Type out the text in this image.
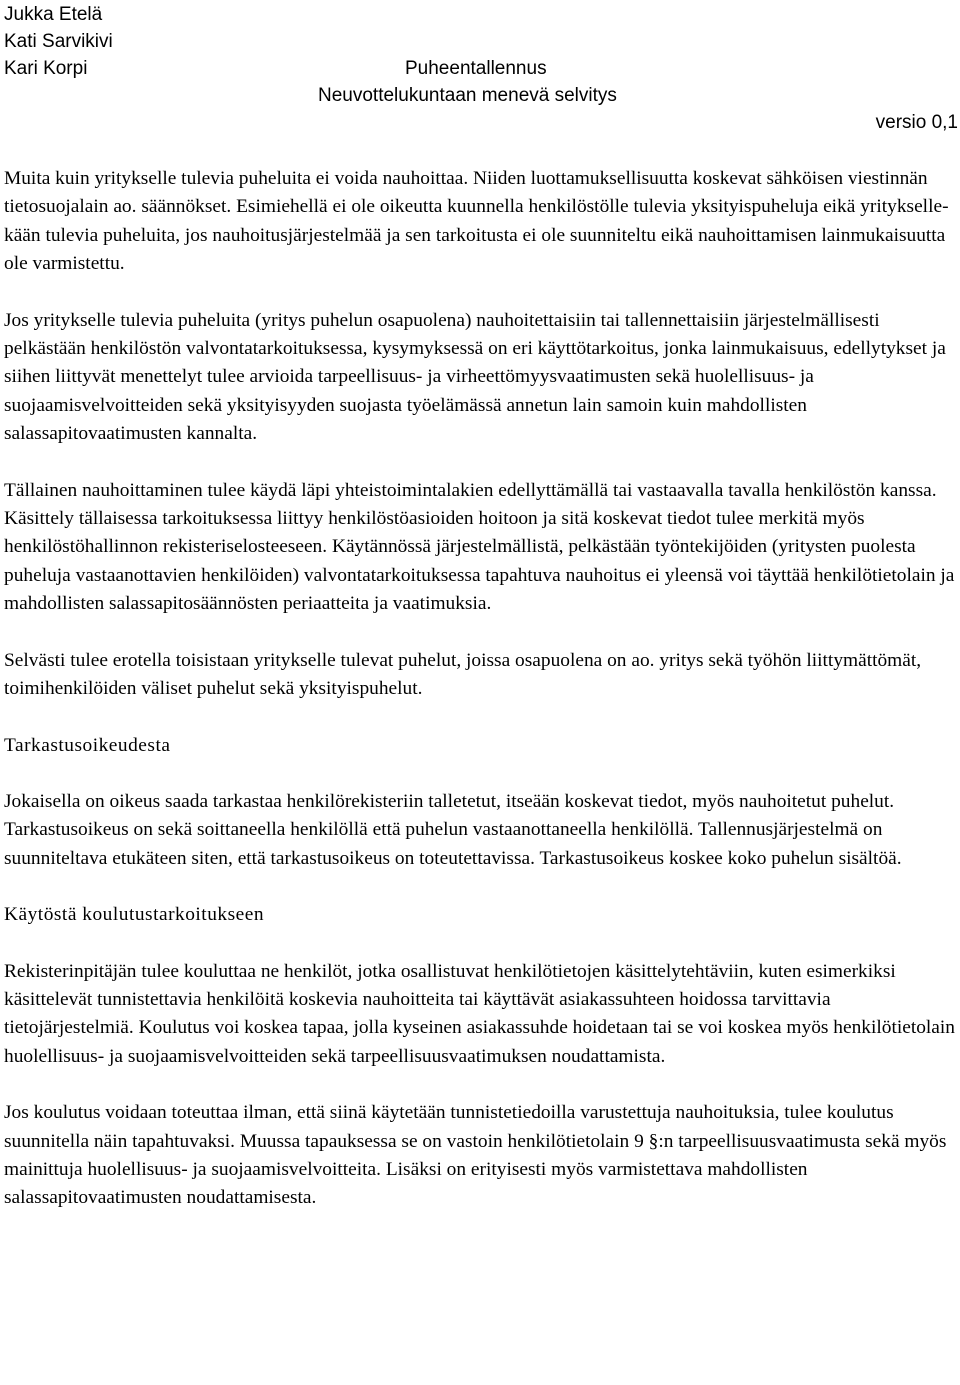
Jukka Etelä
Kati Sarvikivi
Kari Korpi	Puheentallennus
Neuvottelukuntaan menevä selvitys
versio 0,1

Muita kuin yritykselle tulevia puheluita ei voida nauhoittaa. Niiden luottamuksellisuutta koskevat sähköisen viestinnän tietosuojalain ao. säännökset. Esimiehellä ei ole oikeutta kuunnella henkilöstölle tulevia yksityispuheluja eikä yrityksellekään tulevia puheluita, jos nauhoitusjärjestelmää ja sen tarkoitusta ei ole suunniteltu eikä nauhoittamisen lainmukaisuutta ole varmistettu.

Jos yritykselle tulevia puheluita (yritys puhelun osapuolena) nauhoitettaisiin tai tallennettaisiin järjestelmällisesti pelkästään henkilöstön valvontatarkoituksessa, kysymyksessä on eri käyttötarkoitus, jonka lainmukaisuus, edellytykset ja siihen liittyvät menettelyt tulee arvioida tarpeellisuus- ja virheettömyysvaatimusten sekä huolellisuus- ja suojaamisvelvoitteiden sekä yksityisyyden suojasta työelämässä annetun lain samoin kuin mahdollisten salassapitovaatimusten kannalta.

Tällainen nauhoittaminen tulee käydä läpi yhteistoimintalakien edellyttämällä tai vastaavalla tavalla henkilöstön kanssa. Käsittely tällaisessa tarkoituksessa liittyy henkilöstöasioiden hoitoon ja sitä koskevat tiedot tulee merkitä myös henkilöstöhallinnon rekisteriselosteeseen. Käytännössä järjestelmällistä, pelkästään työntekijöiden (yritysten puolesta puheluja vastaanottavien henkilöiden) valvontatarkoituksessa tapahtuva nauhoitus ei yleensä voi täyttää henkilötietolain ja mahdollisten salassapitosäännösten periaatteita ja vaatimuksia.

Selvästi tulee erotella toisistaan yritykselle tulevat puhelut, joissa osapuolena on ao. yritys sekä työhön liittymättömät, toimihenkilöiden väliset puhelut sekä yksityispuhelut.

Tarkastusoikeudesta

Jokaisella on oikeus saada tarkastaa henkilörekisteriin talletetut, itseään koskevat tiedot, myös nauhoitetut puhelut. Tarkastusoikeus on sekä soittaneella henkilöllä että puhelun vastaanottaneella henkilöllä. Tallennusjärjestelmä on suunniteltava etukäteen siten, että tarkastusoikeus on toteutettavissa. Tarkastusoikeus koskee koko puhelun sisältöä.

Käytöstä koulutustarkoitukseen

Rekisterinpitäjän tulee kouluttaa ne henkilöt, jotka osallistuvat henkilötietojen käsittelytehtäviin, kuten esimerkiksi käsittelevät tunnistettavia henkilöitä koskevia nauhoitteita tai käyttävät asiakassuhteen hoidossa tarvittavia tietojärjestelmiä. Koulutus voi koskea tapaa, jolla kyseinen asiakassuhde hoidetaan tai se voi koskea myös henkilötietolain huolellisuus- ja suojaamisvelvoitteiden sekä tarpeellisuusvaatimuksen noudattamista.

Jos koulutus voidaan toteuttaa ilman, että siinä käytetään tunnistetiedoilla varustettuja nauhoituksia, tulee koulutus suunnitella näin tapahtuvaksi. Muussa tapauksessa se on vastoin henkilötietolain 9 §:n tarpeellisuusvaatimusta sekä myös mainittuja huolellisuus- ja suojaamisvelvoitteita. Lisäksi on erityisesti myös varmistettava mahdollisten salassapitovaatimusten noudattamisesta.
